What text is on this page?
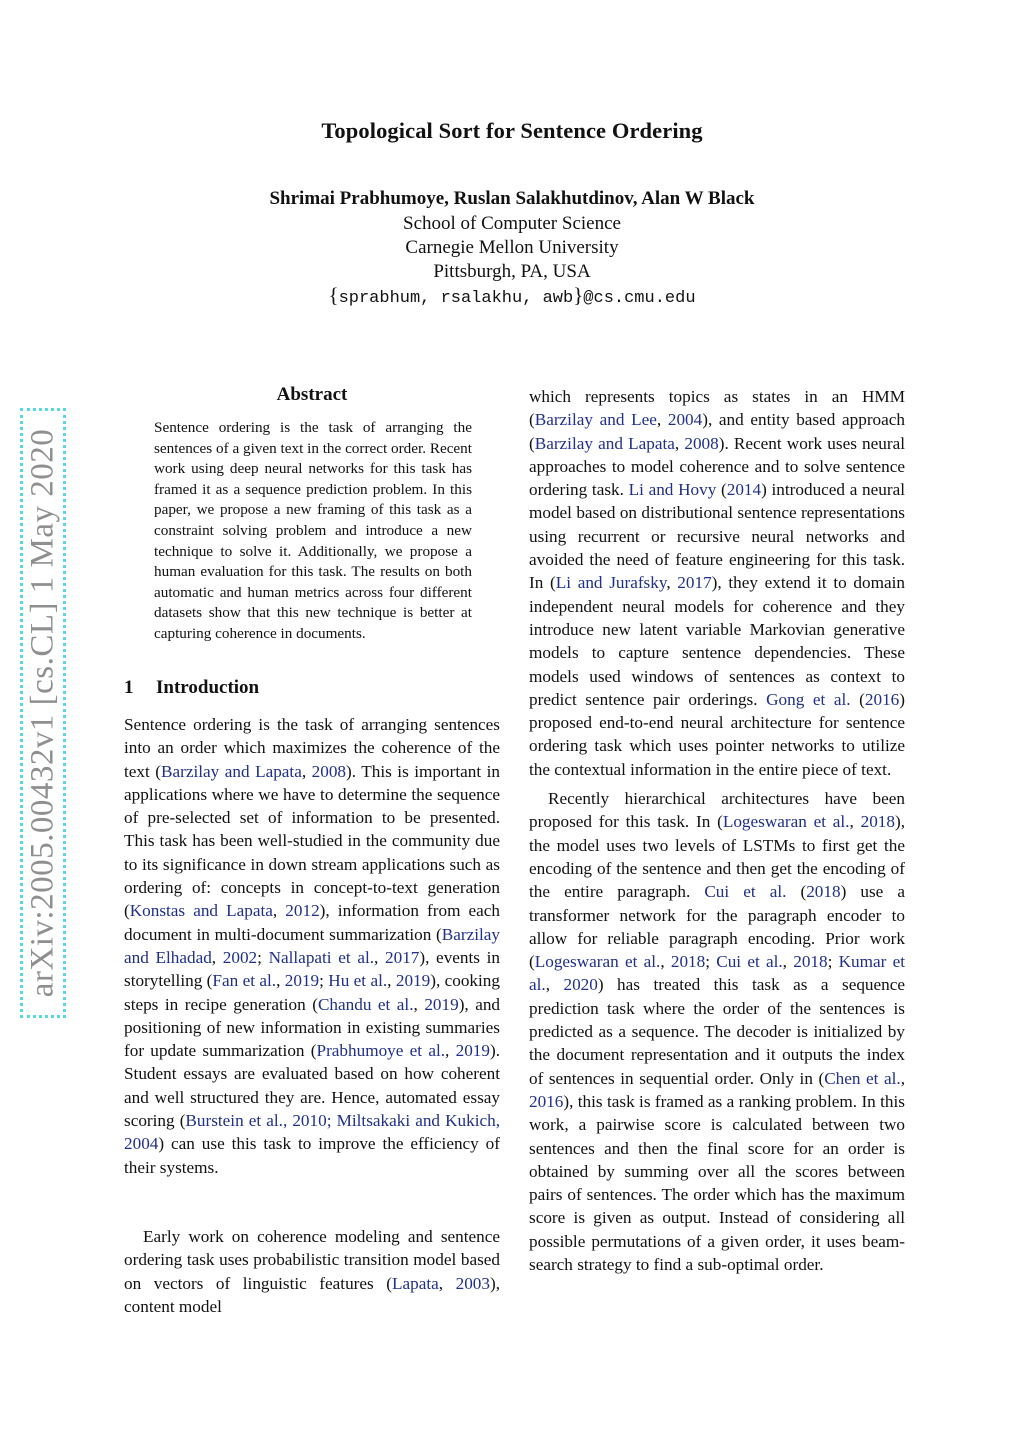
Topological Sort for Sentence Ordering
Shrimai Prabhumoye, Ruslan Salakhutdinov, Alan W Black
School of Computer Science
Carnegie Mellon University
Pittsburgh, PA, USA
{sprabhum, rsalakhu, awb}@cs.cmu.edu
arXiv:2005.00432v1 [cs.CL] 1 May 2020
Abstract
Sentence ordering is the task of arranging the sentences of a given text in the correct order. Recent work using deep neural networks for this task has framed it as a sequence prediction problem. In this paper, we propose a new framing of this task as a constraint solving problem and introduce a new technique to solve it. Additionally, we propose a human evaluation for this task. The results on both automatic and human metrics across four different datasets show that this new technique is better at capturing coherence in documents.
1 Introduction

Sentence ordering is the task of arranging sentences into an order which maximizes the coherence of the text (Barzilay and Lapata, 2008). This is important in applications where we have to determine the sequence of pre-selected set of information to be presented. This task has been well-studied in the community due to its significance in down stream applications such as ordering of: concepts in concept-to-text generation (Konstas and Lapata, 2012), information from each document in multi-document summarization (Barzilay and Elhadad, 2002; Nallapati et al., 2017), events in storytelling (Fan et al., 2019; Hu et al., 2019), cooking steps in recipe generation (Chandu et al., 2019), and positioning of new information in existing summaries for update summarization (Prabhumoye et al., 2019). Student essays are evaluated based on how coherent and well structured they are. Hence, automated essay scoring (Burstein et al., 2010; Miltsakaki and Kukich, 2004) can use this task to improve the efficiency of their systems.

Early work on coherence modeling and sentence ordering task uses probabilistic transition model based on vectors of linguistic features (Lapata, 2003), content model

which represents topics as states in an HMM (Barzilay and Lee, 2004), and entity based approach (Barzilay and Lapata, 2008). Recent work uses neural approaches to model coherence and to solve sentence ordering task. Li and Hovy (2014) introduced a neural model based on distributional sentence representations using recurrent or recursive neural networks and avoided the need of feature engineering for this task. In (Li and Jurafsky, 2017), they extend it to domain independent neural models for coherence and they introduce new latent variable Markovian generative models to capture sentence dependencies. These models used windows of sentences as context to predict sentence pair orderings. Gong et al. (2016) proposed end-to-end neural architecture for sentence ordering task which uses pointer networks to utilize the contextual information in the entire piece of text.

Recently hierarchical architectures have been proposed for this task. In (Logeswaran et al., 2018), the model uses two levels of LSTMs to first get the encoding of the sentence and then get the encoding of the entire paragraph. Cui et al. (2018) use a transformer network for the paragraph encoder to allow for reliable paragraph encoding. Prior work (Logeswaran et al., 2018; Cui et al., 2018; Kumar et al., 2020) has treated this task as a sequence prediction task where the order of the sentences is predicted as a sequence. The decoder is initialized by the document representation and it outputs the index of sentences in sequential order. Only in (Chen et al., 2016), this task is framed as a ranking problem. In this work, a pairwise score is calculated between two sentences and then the final score for an order is obtained by summing over all the scores between pairs of sentences. The order which has the maximum score is given as output. Instead of considering all possible permutations of a given order, it uses beam-search strategy to find a sub-optimal order.
